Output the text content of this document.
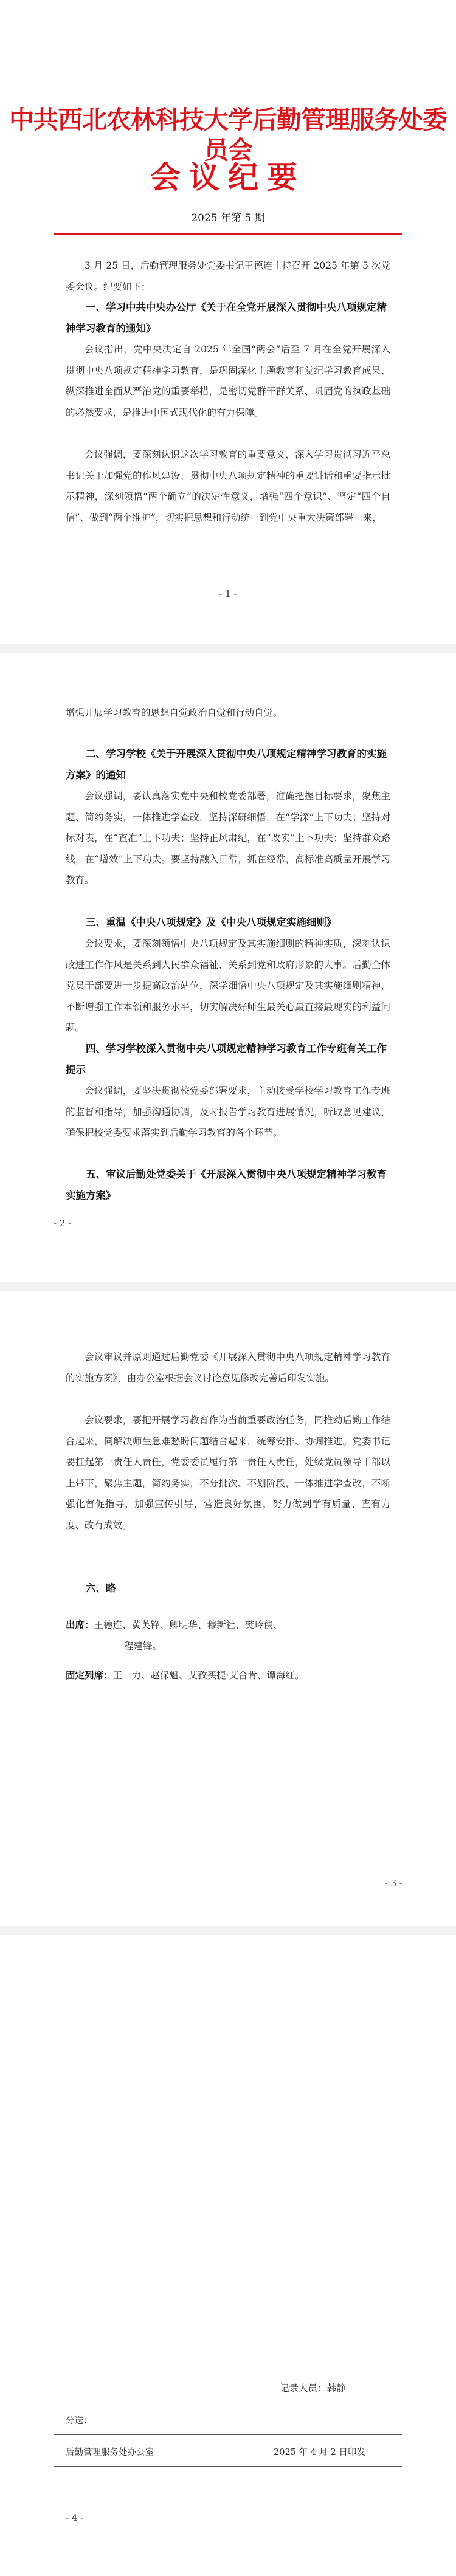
中共西北农林科技大学后勤管理服务处委员会
会议纪要
2025 年第 5 期

3 月 25 日，后勤管理服务处党委书记王德连主持召开 2025 年第 5 次党委会议。纪要如下：

一、学习中共中央办公厅《关于在全党开展深入贯彻中央八项规定精神学习教育的通知》

会议指出，党中央决定自 2025 年全国“两会”后至 7 月在全党开展深入贯彻中央八项规定精神学习教育，是巩固深化主题教育和党纪学习教育成果、纵深推进全面从严治党的重要举措，是密切党群干群关系、巩固党的执政基础的必然要求，是推进中国式现代化的有力保障。

会议强调，要深刻认识这次学习教育的重要意义，深入学习贯彻习近平总书记关于加强党的作风建设、贯彻中央八项规定精神的重要讲话和重要指示批示精神，深刻领悟“两个确立”的决定性意义，增强“四个意识”、坚定“四个自信”、做到“两个维护”，切实把思想和行动统一到党中央重大决策部署上来，

- 1 -

增强开展学习教育的思想自觉政治自觉和行动自觉。

二、学习学校《关于开展深入贯彻中央八项规定精神学习教育的实施方案》的通知

会议强调，要认真落实党中央和校党委部署，准确把握目标要求，聚焦主题、简约务实，一体推进学查改，坚持深研细悟，在“学深”上下功夫；坚持对标对表，在“查准”上下功夫；坚持正风肃纪，在“改实”上下功夫；坚持群众路线，在“增效”上下功夫。要坚持融入日常，抓在经常，高标准高质量开展学习教育。

三、重温《中央八项规定》及《中央八项规定实施细则》

会议要求，要深刻领悟中央八项规定及其实施细则的精神实质，深刻认识改进工作作风是关系到人民群众福祉、关系到党和政府形象的大事。后勤全体党员干部要进一步提高政治站位，深学细悟中央八项规定及其实施细则精神，不断增强工作本领和服务水平，切实解决好师生最关心最直接最现实的利益问题。

四、学习学校深入贯彻中央八项规定精神学习教育工作专班有关工作提示

会议强调，要坚决贯彻校党委部署要求，主动接受学校学习教育工作专班的监督和指导，加强沟通协调，及时报告学习教育进展情况，听取意见建议，确保把校党委要求落实到后勤学习教育的各个环节。

五、审议后勤处党委关于《开展深入贯彻中央八项规定精神学习教育实施方案》

- 2 -

会议审议并原则通过后勤党委《开展深入贯彻中央八项规定精神学习教育的实施方案》，由办公室根据会议讨论意见修改完善后印发实施。

会议要求，要把开展学习教育作为当前重要政治任务，同推动后勤工作结合起来，同解决师生急难愁盼问题结合起来，统筹安排、协调推进。党委书记要扛起第一责任人责任，党委委员履行第一责任人责任，处级党员领导干部以上带下，聚焦主题，简约务实，不分批次、不划阶段，一体推进学查改，不断强化督促指导，加强宣传引导，营造良好氛围，努力做到学有质量、查有力度、改有成效。

六、略

出席：王德连、黄英锋、卿明华、穆新社、樊玲侠、
程建锋。
固定列席：王　力、赵保魁、艾孜买提·艾合肯、谭海红。
- 3 -
记录人员：韩静
分送：
后勤管理服务处办公室	2025 年 4 月 2 日印发
- 4 -
